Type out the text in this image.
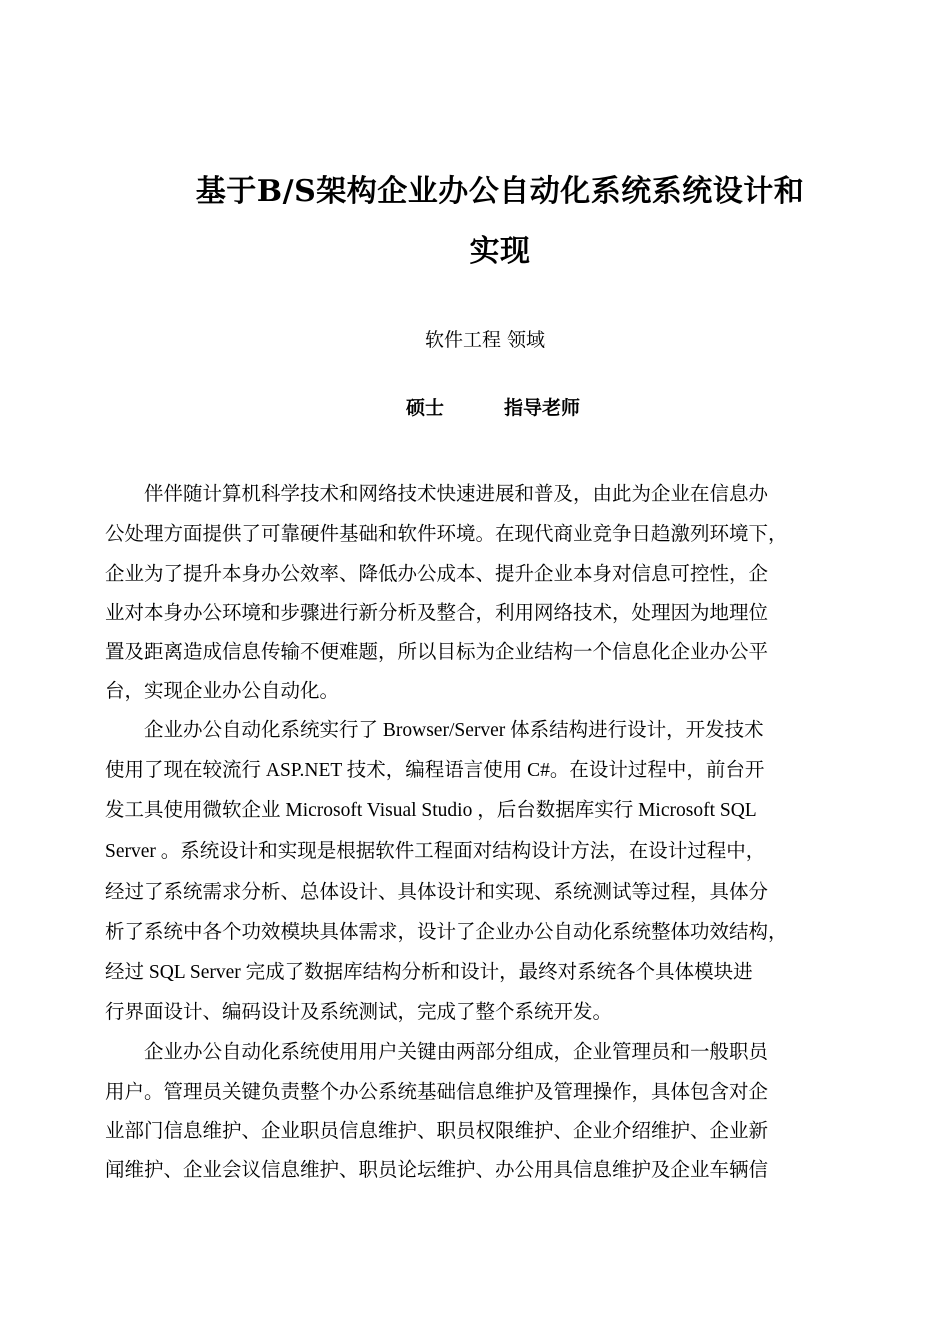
基于B/S架构企业办公自动化系统系统设计和
实现

软件工程 领域

硕士	指导老师

　　伴伴随计算机科学技术和网络技术快速进展和普及，由此为企业在信息办

公处理方面提供了可靠硬件基础和软件环境。在现代商业竞争日趋激列环境下，

企业为了提升本身办公效率、降低办公成本、提升企业本身对信息可控性，企

业对本身办公环境和步骤进行新分析及整合，利用网络技术，处理因为地理位

置及距离造成信息传输不便难题，所以目标为企业结构一个信息化企业办公平

台，实现企业办公自动化。

　　企业办公自动化系统实行了 Browser/Server 体系结构进行设计，开发技术

使用了现在较流行 ASP.NET 技术，编程语言使用 C#。在设计过程中，前台开

发工具使用微软企业 Microsoft Visual Studio ，后台数据库实行 Microsoft SQL

Server 。系统设计和实现是根据软件工程面对结构设计方法，在设计过程中，

经过了系统需求分析、总体设计、具体设计和实现、系统测试等过程，具体分

析了系统中各个功效模块具体需求，设计了企业办公自动化系统整体功效结构，

经过 SQL Server 完成了数据库结构分析和设计，最终对系统各个具体模块进

行界面设计、编码设计及系统测试，完成了整个系统开发。

　　企业办公自动化系统使用用户关键由两部分组成，企业管理员和一般职员

用户。管理员关键负责整个办公系统基础信息维护及管理操作，具体包含对企

业部门信息维护、企业职员信息维护、职员权限维护、企业介绍维护、企业新

闻维护、企业会议信息维护、职员论坛维护、办公用具信息维护及企业车辆信
